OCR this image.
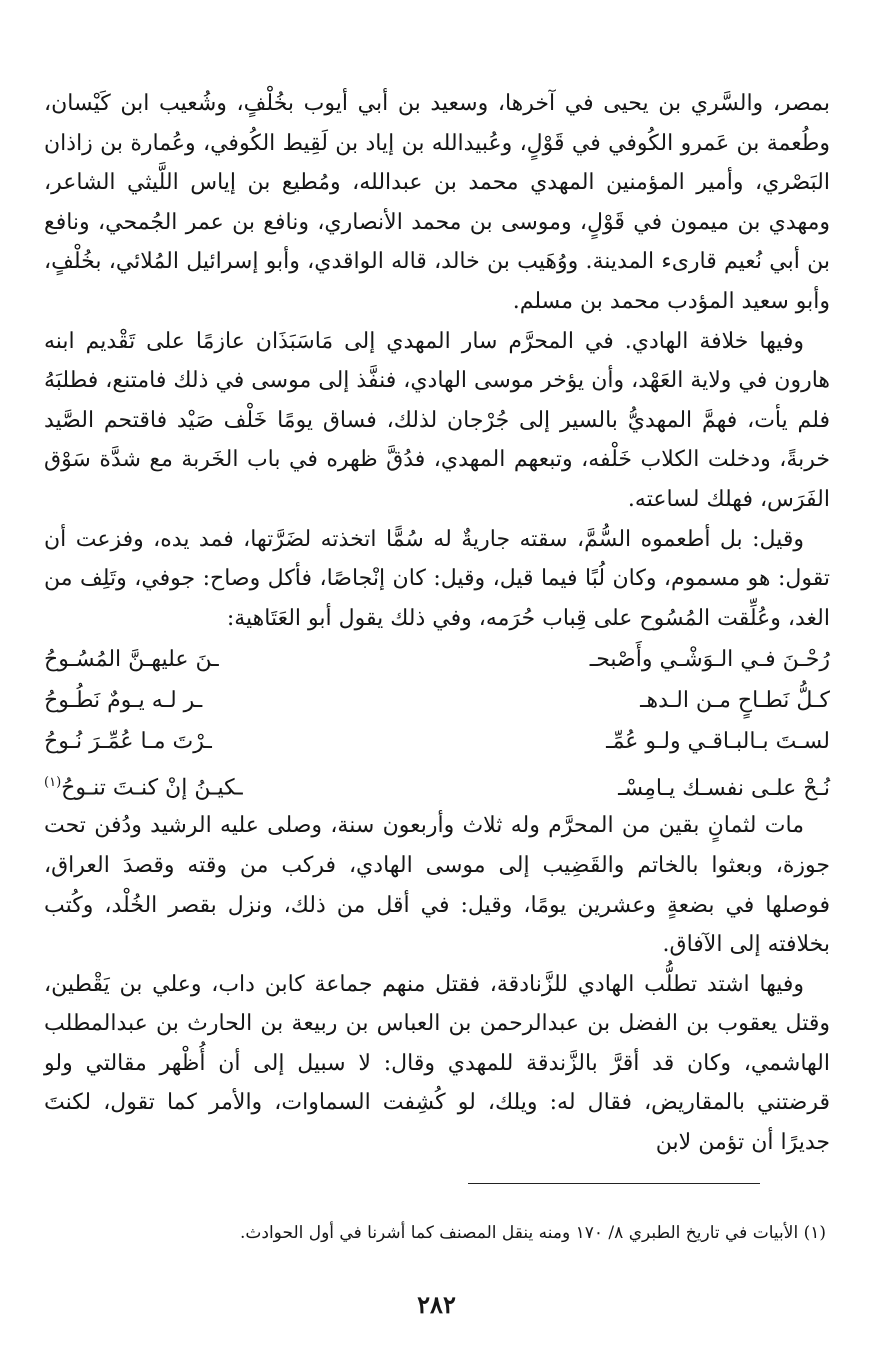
بمصر، والسَّري بن يحيى في آخرها، وسعيد بن أبي أيوب بخُلْفٍ، وشُعيب ابن كَيْسان، وطُعمة بن عَمرو الكُوفي في قَوْلٍ، وعُبيدالله بن إياد بن لَقِيط الكُوفي، وعُمارة بن زاذان البَصْري، وأمير المؤمنين المهدي محمد بن عبدالله، ومُطيع بن إياس اللَّيثي الشاعر، ومهدي بن ميمون في قَوْلٍ، وموسى بن محمد الأنصاري، ونافع بن عمر الجُمحي، ونافع بن أبي نُعيم قارىء المدينة. ووُهَيب بن خالد، قاله الواقدي، وأبو إسرائيل المُلائي، بخُلْفٍ، وأبو سعيد المؤدب محمد بن مسلم.

وفيها خلافة الهادي. في المحرَّم سار المهدي إلى مَاسَبَذَان عازمًا على تَقْديم ابنه هارون في ولاية العَهْد، وأن يؤخر موسى الهادي، فنفَّذ إلى موسى في ذلك فامتنع، فطلبَهُ فلم يأت، فهمَّ المهديُّ بالسير إلى جُرْجان لذلك، فساق يومًا خَلْف صَيْد فاقتحم الصَّيد خربةً، ودخلت الكلاب خَلْفه، وتبعهم المهدي، فدُقَّ ظهره في باب الخَربة مع شدَّة سَوْق الفَرَس، فهلك لساعته.

وقيل: بل أطعموه السُّمَّ، سقته جاريةٌ له سُمًّا اتخذته لضَرَّتها، فمد يده، وفزعت أن تقول: هو مسموم، وكان لُبًا فيما قيل، وقيل: كان إنْجاصًا، فأكل وصاح: جوفي، وتَلِف من الغد، وعُلِّقت المُسُوح على قِباب حُرَمه، وفي ذلك يقول أبو العَتَاهية:

رُحْـنَ فـي الـوَشْـي وأَصْبحـ
ـنَ عليهـنَّ المُسُـوحُ
كـلُّ نَطـاحٍ مـن الـدهـ
ـر لـه يـومٌ نَطُـوحُ
لسـتَ بـالبـاقـي ولـو عُمِّـ
ـرْتَ مـا عُمِّـرَ نُـوحُ
نُـحْ علـى نفسـك يـامِسْـ
ـكيـنُ إنْ كنـتَ تنـوحُ$^{(١)}$

مات لثمانٍ بقين من المحرَّم وله ثلاث وأربعون سنة، وصلى عليه الرشيد ودُفن تحت جوزة، وبعثوا بالخاتم والقَضِيب إلى موسى الهادي، فركب من وقته وقصدَ العراق، فوصلها في بضعةٍ وعشرين يومًا، وقيل: في أقل من ذلك، ونزل بقصر الخُلْد، وكُتب بخلافته إلى الآفاق.

وفيها اشتد تطلُّب الهادي للزَّنادقة، فقتل منهم جماعة كابن داب، وعلي بن يَقْطين، وقتل يعقوب بن الفضل بن عبدالرحمن بن العباس بن ربيعة بن الحارث بن عبدالمطلب الهاشمي، وكان قد أقرَّ بالزَّندقة للمهدي وقال: لا سبيل إلى أن أُظْهر مقالتي ولو قرضتني بالمقاريض، فقال له: ويلك، لو كُشِفت السماوات، والأمر كما تقول، لكنتَ جديرًا أن تؤمن لابن

(١) الأبيات في تاريخ الطبري ٨/ ١٧٠ ومنه ينقل المصنف كما أشرنا في أول الحوادث.
٢٨٢
